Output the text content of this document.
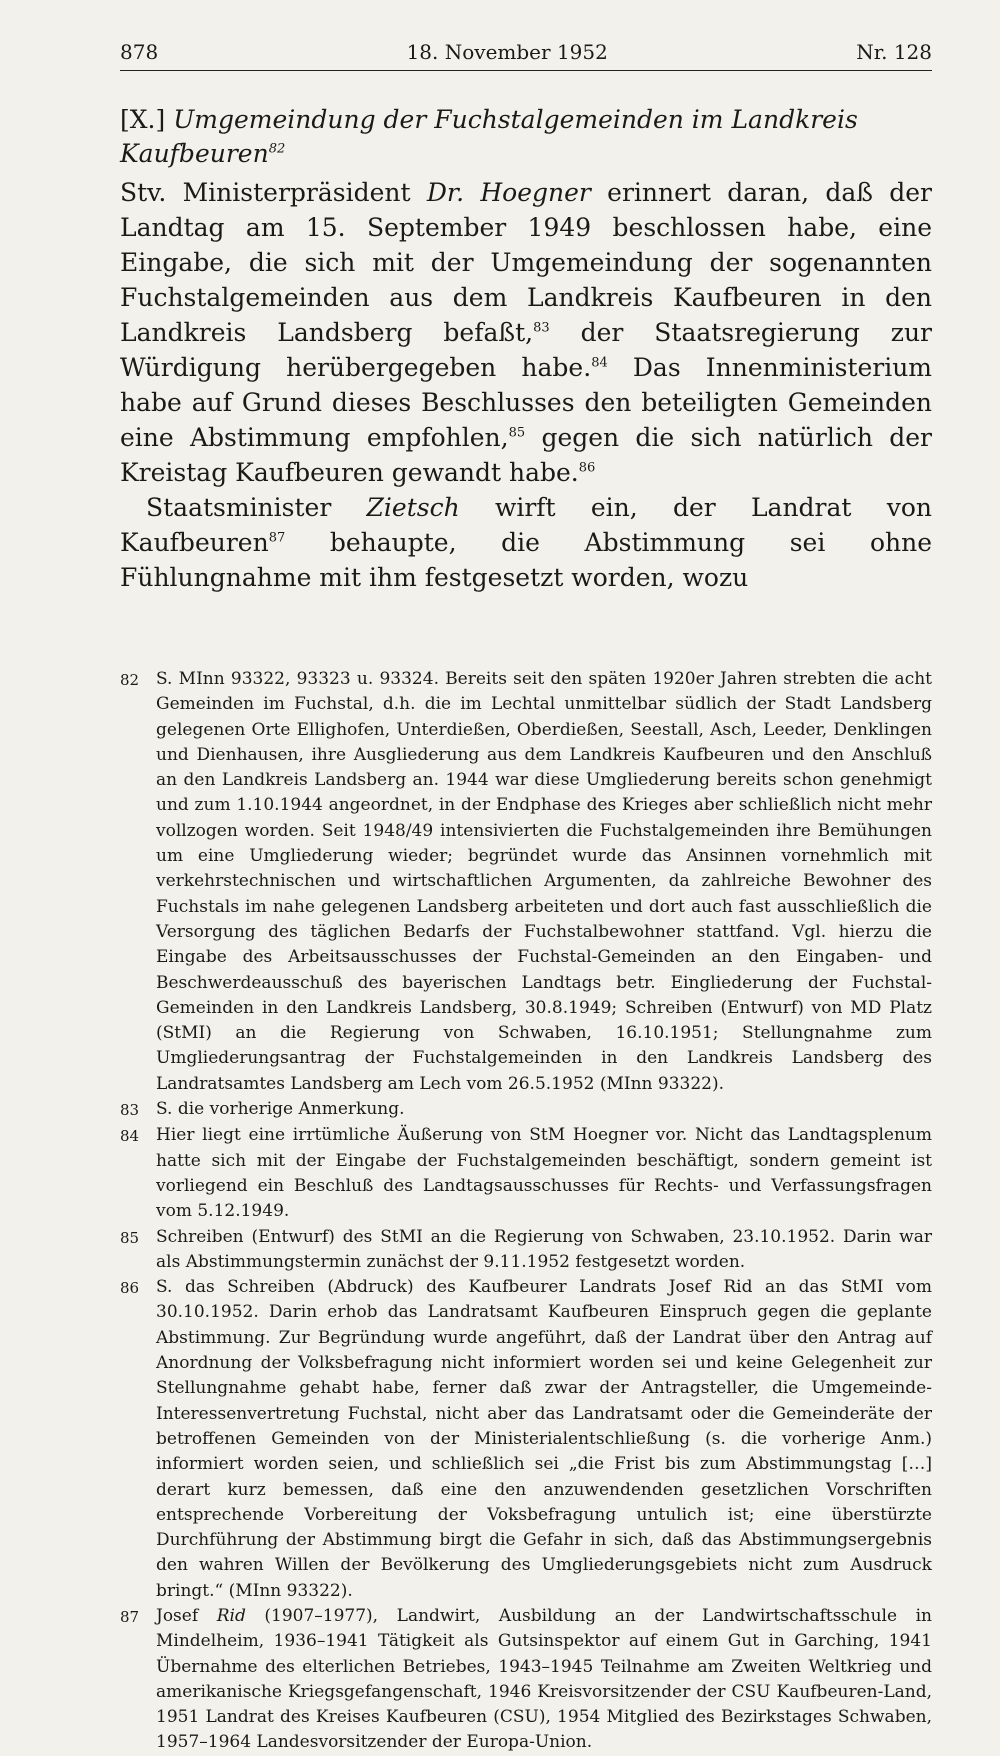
878	18. November 1952	Nr. 128
[X.] Umgemeindung der Fuchstalgemeinden im Landkreis Kaufbeuren$^{82}$

Stv. Ministerpräsident Dr. Hoegner erinnert daran, daß der Landtag am 15. September 1949 beschlossen habe, eine Eingabe, die sich mit der Umgemeindung der sogenannten Fuchstalgemeinden aus dem Landkreis Kaufbeuren in den Landkreis Landsberg befaßt,$^{83}$ der Staatsregierung zur Würdigung herübergegeben habe.$^{84}$ Das Innenministerium habe auf Grund dieses Beschlusses den beteiligten Gemeinden eine Abstimmung empfohlen,$^{85}$ gegen die sich natürlich der Kreistag Kaufbeuren gewandt habe.$^{86}$

Staatsminister Zietsch wirft ein, der Landrat von Kaufbeuren$^{87}$ behaupte, die Abstimmung sei ohne Fühlungnahme mit ihm festgesetzt worden, wozu

82 S. MInn 93322, 93323 u. 93324. Bereits seit den späten 1920er Jahren strebten die acht Gemeinden im Fuchstal, d.h. die im Lechtal unmittelbar südlich der Stadt Landsberg gelegenen Orte Ellighofen, Unterdießen, Oberdießen, Seestall, Asch, Leeder, Denklingen und Dienhausen, ihre Ausgliederung aus dem Landkreis Kaufbeuren und den Anschluß an den Landkreis Landsberg an. 1944 war diese Umgliederung bereits schon genehmigt und zum 1.10.1944 angeordnet, in der Endphase des Krieges aber schließlich nicht mehr vollzogen worden. Seit 1948/49 intensivierten die Fuchstalgemeinden ihre Bemühungen um eine Umgliederung wieder; begründet wurde das Ansinnen vornehmlich mit verkehrstechnischen und wirtschaftlichen Argumenten, da zahlreiche Bewohner des Fuchstals im nahe gelegenen Landsberg arbeiteten und dort auch fast ausschließlich die Versorgung des täglichen Bedarfs der Fuchstalbewohner stattfand. Vgl. hierzu die Eingabe des Arbeitsausschusses der Fuchstal-Gemeinden an den Eingaben- und Beschwerdeausschuß des bayerischen Landtags betr. Eingliederung der Fuchstal-Gemeinden in den Landkreis Landsberg, 30.8.1949; Schreiben (Entwurf) von MD Platz (StMI) an die Regierung von Schwaben, 16.10.1951; Stellungnahme zum Umgliederungsantrag der Fuchstalgemeinden in den Landkreis Landsberg des Landratsamtes Landsberg am Lech vom 26.5.1952 (MInn 93322).
83 S. die vorherige Anmerkung.
84 Hier liegt eine irrtümliche Äußerung von StM Hoegner vor. Nicht das Landtagsplenum hatte sich mit der Eingabe der Fuchstalgemeinden beschäftigt, sondern gemeint ist vorliegend ein Beschluß des Landtagsausschusses für Rechts- und Verfassungsfragen vom 5.12.1949.
85 Schreiben (Entwurf) des StMI an die Regierung von Schwaben, 23.10.1952. Darin war als Abstimmungstermin zunächst der 9.11.1952 festgesetzt worden.
86 S. das Schreiben (Abdruck) des Kaufbeurer Landrats Josef Rid an das StMI vom 30.10.1952. Darin erhob das Landratsamt Kaufbeuren Einspruch gegen die geplante Abstimmung. Zur Begründung wurde angeführt, daß der Landrat über den Antrag auf Anordnung der Volksbefragung nicht informiert worden sei und keine Gelegenheit zur Stellungnahme gehabt habe, ferner daß zwar der Antragsteller, die Umgemeinde-Interessenvertretung Fuchstal, nicht aber das Landratsamt oder die Gemeinderäte der betroffenen Gemeinden von der Ministerialentschließung (s. die vorherige Anm.) informiert worden seien, und schließlich sei „die Frist bis zum Abstimmungstag […] derart kurz bemessen, daß eine den anzuwendenden gesetzlichen Vorschriften entsprechende Vorbereitung der Voksbefragung untulich ist; eine überstürzte Durchführung der Abstimmung birgt die Gefahr in sich, daß das Abstimmungsergebnis den wahren Willen der Bevölkerung des Umgliederungsgebiets nicht zum Ausdruck bringt.“ (MInn 93322).
87 Josef Rid (1907–1977), Landwirt, Ausbildung an der Landwirtschaftsschule in Mindelheim, 1936–1941 Tätigkeit als Gutsinspektor auf einem Gut in Garching, 1941 Übernahme des elterlichen Betriebes, 1943–1945 Teilnahme am Zweiten Weltkrieg und amerikanische Kriegsgefangenschaft, 1946 Kreisvorsitzender der CSU Kaufbeuren-Land, 1951 Landrat des Kreises Kaufbeuren (CSU), 1954 Mitglied des Bezirkstages Schwaben, 1957–1964 Landesvorsitzender der Europa-Union.
